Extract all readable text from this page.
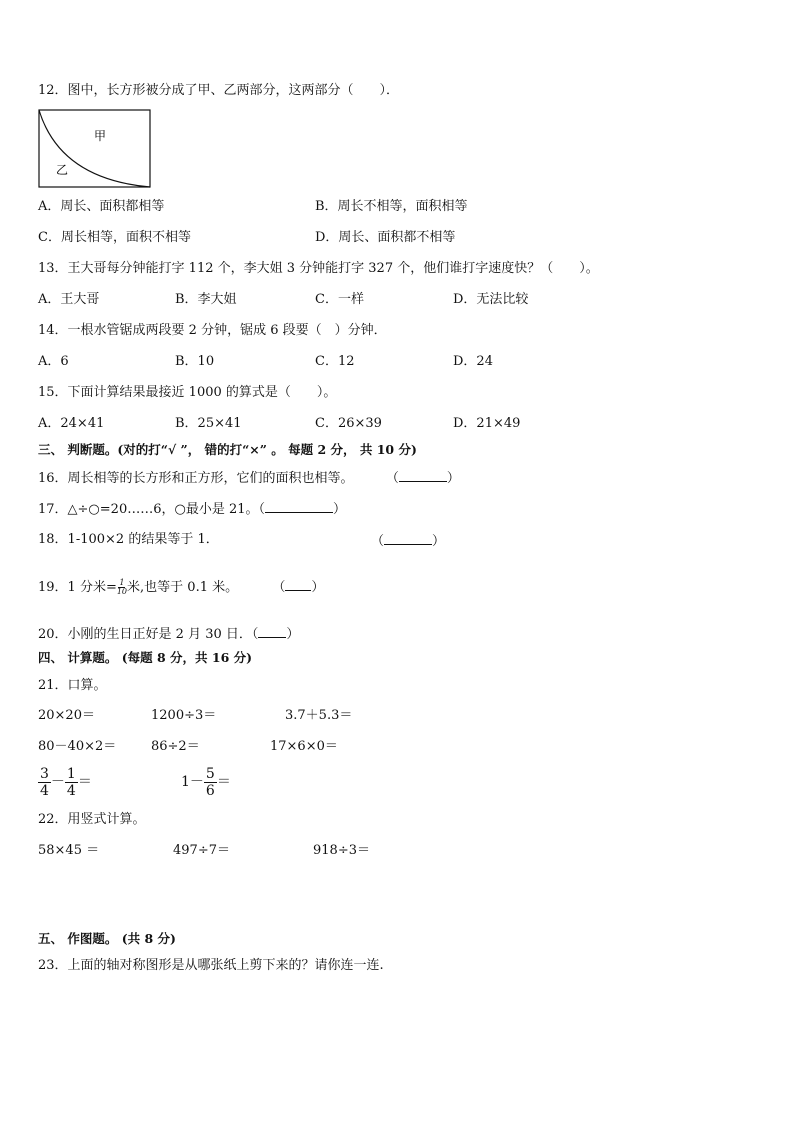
12．图中，长方形被分成了甲、乙两部分，这两部分（　　）．
甲
乙
A．周长、面积都相等	B．周长不相等，面积相等
C．周长相等，面积不相等	D．周长、面积都不相等
13．王大哥每分钟能打字 112 个，李大姐 3 分钟能打字 327 个，他们谁打字速度快？（　　）。
A．王大哥	B．李大姐	C．一样	D．无法比较
14．一根水管锯成两段要 2 分钟，锯成 6 段要（　）分钟．
A．6	B．10	C．12	D．24
15．下面计算结果最接近 1000 的算式是（　　）。
A．24×41	B．25×41	C．26×39	D．21×49
三、 判断题。(对的打“√ ”， 错的打“×” 。 每题 2 分， 共 10 分)
16．周长相等的长方形和正方形，它们的面积也相等。 （	）
17．△÷○=20……6，○最小是 21。（	）
18．1-100×2 的结果等于 1．	（	）
19．1 分米= $\frac{1}{10}$ 米,也等于 0.1 米。	（ ）
20．小刚的生日正好是 2 月 30 日．（ ）
四、 计算题。 (每题 8 分，共 16 分)
21．口算。
20×20＝	1200÷3＝	3.7＋5.3＝
80－40×2＝	86÷2＝	17×6×0＝
$\frac{3}{4} - \frac{1}{4}$ ＝	$1- \frac{5}{6}$ ＝
22．用竖式计算。
58×45 ＝	497÷7＝	918÷3＝
五、 作图题。 (共 8 分)
23．上面的轴对称图形是从哪张纸上剪下来的？请你连一连.
